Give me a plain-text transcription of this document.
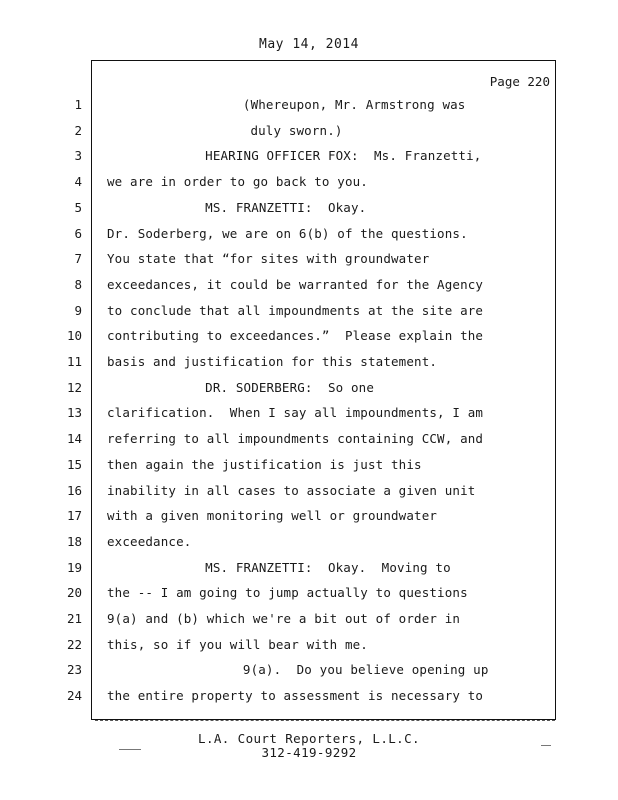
May 14, 2014
Page 220
1	(Whereupon, Mr. Armstrong was
2	duly sworn.)
3	HEARING OFFICER FOX:  Ms. Franzetti,
4 we are in order to go back to you.
5	MS. FRANZETTI:  Okay.
6 Dr. Soderberg, we are on 6(b) of the questions.
7 You state that “for sites with groundwater
8 exceedances, it could be warranted for the Agency
9 to conclude that all impoundments at the site are
10 contributing to exceedances.”  Please explain the
11 basis and justification for this statement.
12	DR. SODERBERG:  So one
13 clarification.  When I say all impoundments, I am
14 referring to all impoundments containing CCW, and
15 then again the justification is just this
16 inability in all cases to associate a given unit
17 with a given monitoring well or groundwater
18 exceedance.
19	MS. FRANZETTI:  Okay.  Moving to
20 the -- I am going to jump actually to questions
21 9(a) and (b) which we're a bit out of order in
22 this, so if you will bear with me.
23	9(a).  Do you believe opening up
24 the entire property to assessment is necessary to
L.A. Court Reporters, L.L.C.
312-419-9292
